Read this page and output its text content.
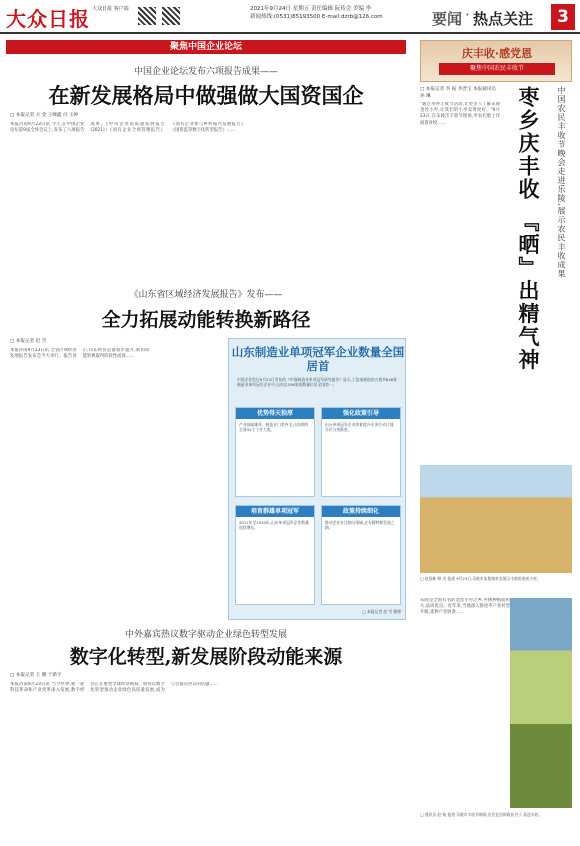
大众日报 大众日报 客户端	2021年9月24日 星期五 责任编辑 阮传会 美编 李
新闻热线:(0531)85193500 E-mail:dzrb@126.com	要闻 · 热点关注	3
聚焦中国企业论坛
中国企业论坛发布六项报告成果——
在新发展格局中做强做大国资国企
□ 本报记者 方 金 王峰鑫 付 玉婷
本报济南9月23日讯 今天,在中国企业论坛第9届全体会议上,发布了六项报告成果。《中央企业高质量发展报告(2021)》《国有企业合规管理报告》《国有企业参与乡村振兴发展报告》《国资监管数字化转型报告》……
《山东省区域经济发展报告》发布——
全力拓展动能转换新路径
□ 本报记者 赵 雪
本报济南9月23日讯 全省区域经济发展报告发布会今天举行。报告显示,山东经济总量稳步提升,新旧动能转换取得阶段性成效……	山东制造业单项冠军企业数量全国居首
中国企业论坛9月23日发布的《中国制造业单项冠军研究报告》显示,工信部遴选的五批共848家制造业单项冠军企业中,山东以106家的数量位居全国第一。
优势得天独厚
产业基础雄厚、制造业门类齐全,山东拥有全部41个工业大类。
强化政策引导
出台单项冠军企业培育提升专项行动计划,分层分类推进。
培育群雄单项冠军
2017年至2020年,山东单项冠军企业数量连续增长。
政策持续细化
推动企业专注细分领域,走专精特新发展之路。
□ 本报记者 赵 雪 整理
中外嘉宾热议数字驱动企业绿色转型发展
数字化转型,新发展阶段动能来源
□ 本报记者 王 腾 于新宇
本报济南9月23日讯 当今世界,新一轮科技革命和产业变革深入发展,数字经济正在重塑全球经济格局。如何以数字化转型推动企业绿色高质量发展,成为与会嘉宾热议的话题……
庆丰收·感党恩
聚焦中国农民丰收节
□ 本报记者 李 振 李晋宝 本报通讯员 孙 琳
"通过举办丰收节活动,让更多人了解乐陵金丝小枣,让我们的小枣卖得更好。"9月23日,在乐陵市丰收节现场,枣农们脸上洋溢着喜悦……	枣乡庆丰收 『晒』出精气神	中国农民丰收节晚会走进乐陵,展示农民丰收成果
□ 赵国栋 韩 杰 报道 9月23日,乐陵市朱集镇枣农展示丰收的金丝小枣。
乐陵是全国有名的金丝小枣之乡,枣树种植面积大,品质优良。近年来,当地深入推进枣产业转型升级,延伸产业链条……
□ 通讯员 赵 杨 报道 乐陵市丰收节期间,农民在田间收获谷子,喜迎丰收。
